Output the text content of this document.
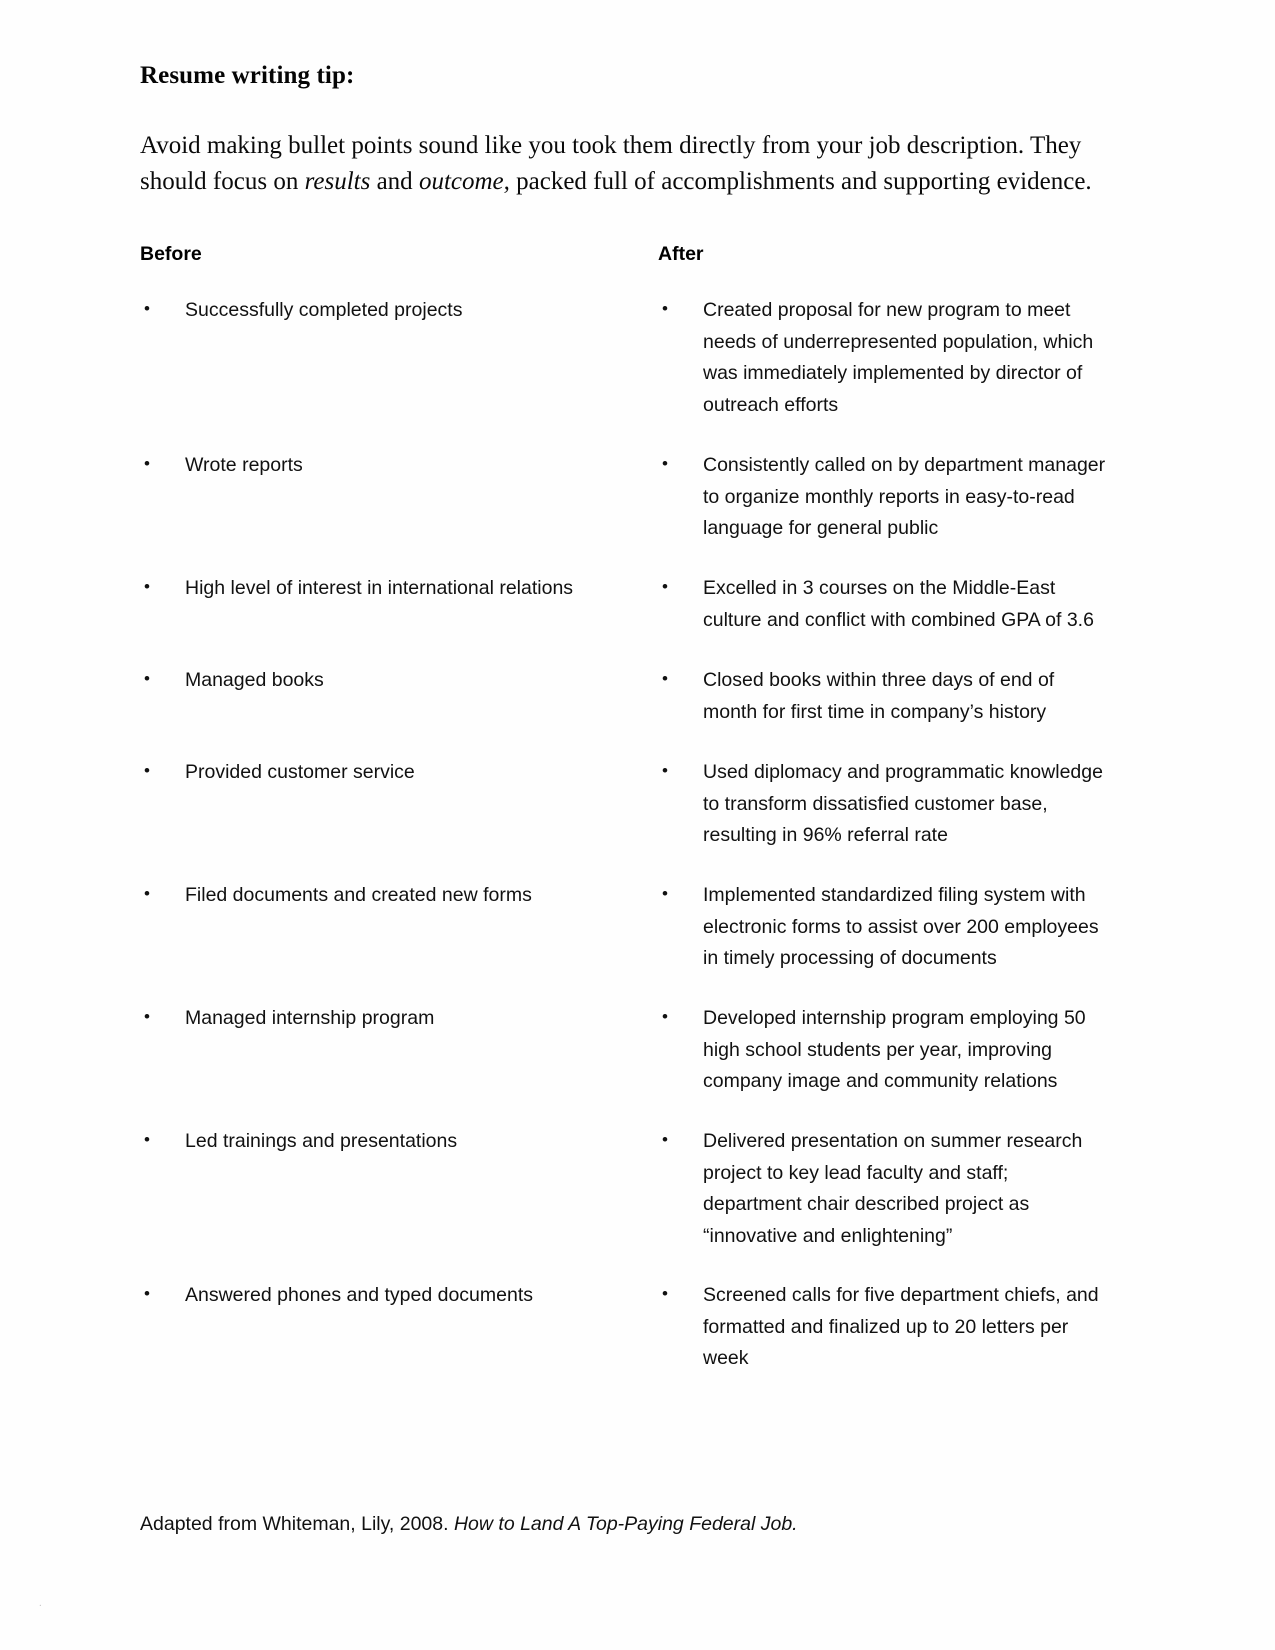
Resume writing tip:

Avoid making bullet points sound like you took them directly from your job description. They should focus on results and outcome, packed full of accomplishments and supporting evidence.

Before	After
•	Successfully completed projects	•	Created proposal for new program to meet needs of underrepresented population, which was immediately implemented by director of outreach efforts
•	Wrote reports	•	Consistently called on by department manager to organize monthly reports in easy-to-read language for general public
•	High level of interest in international relations	•	Excelled in 3 courses on the Middle-East culture and conflict with combined GPA of 3.6
•	Managed books	•	Closed books within three days of end of month for first time in company’s history
•	Provided customer service	•	Used diplomacy and programmatic knowledge to transform dissatisfied customer base, resulting in 96% referral rate
•	Filed documents and created new forms	•	Implemented standardized filing system with electronic forms to assist over 200 employees in timely processing of documents
•	Managed internship program	•	Developed internship program employing 50 high school students per year, improving company image and community relations
•	Led trainings and presentations	•	Delivered presentation on summer research project to key lead faculty and staff; department chair described project as “innovative and enlightening”
•	Answered phones and typed documents	•	Screened calls for five department chiefs, and formatted and finalized up to 20 letters per week
Adapted from Whiteman, Lily, 2008. How to Land A Top-Paying Federal Job.
.
